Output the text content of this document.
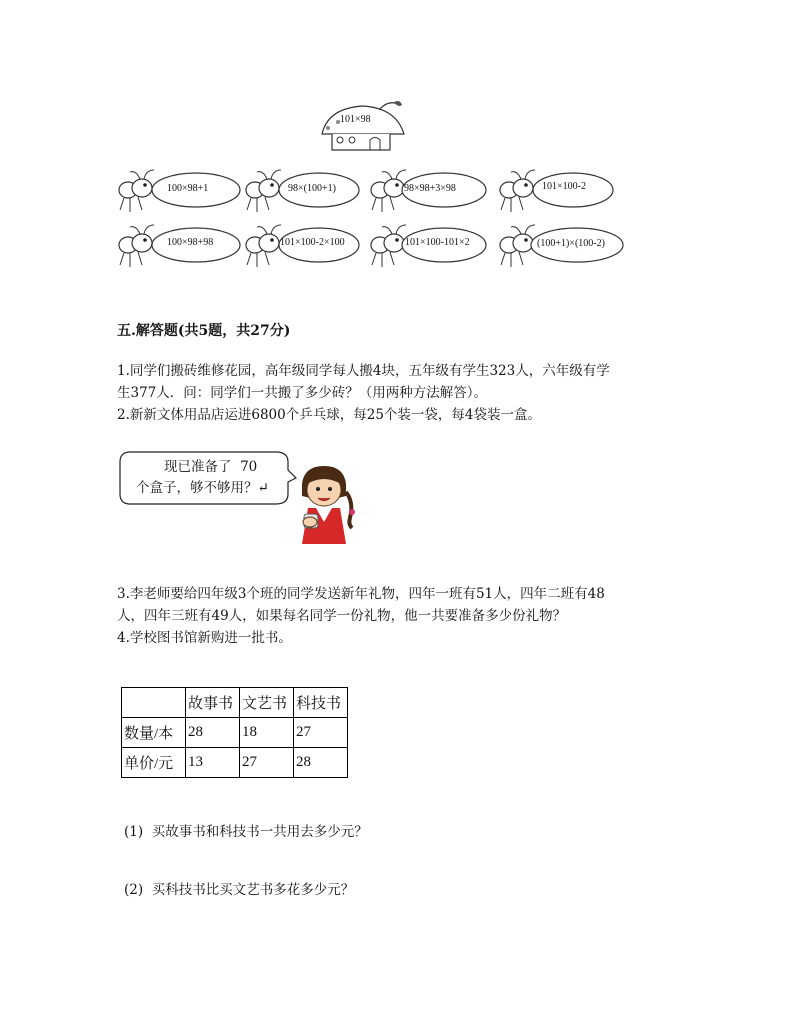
101×98
100×98+1	98×(100+1)	98×98+3×98	101×100-2
100×98+98	101×100-2×100	101×100-101×2	(100+1)×(100-2)
五.解答题(共5题，共27分)
1.同学们搬砖维修花园，高年级同学每人搬4块，五年级有学生323人，六年级有学
生377人．问：同学们一共搬了多少砖？（用两种方法解答）。
2.新新文体用品店运进6800个乒乓球，每25个装一袋，每4袋装一盒。
现已准备了  70
个盒子，够不够用？↵
3.李老师要给四年级3个班的同学发送新年礼物，四年一班有51人，四年二班有48
人，四年三班有49人，如果每名同学一份礼物，他一共要准备多少份礼物？
4.学校图书馆新购进一批书。
	故事书	文艺书	科技书
数量/本	28	18	27
单价/元	13	27	28
(1)  买故事书和科技书一共用去多少元？
(2)  买科技书比买文艺书多花多少元？
